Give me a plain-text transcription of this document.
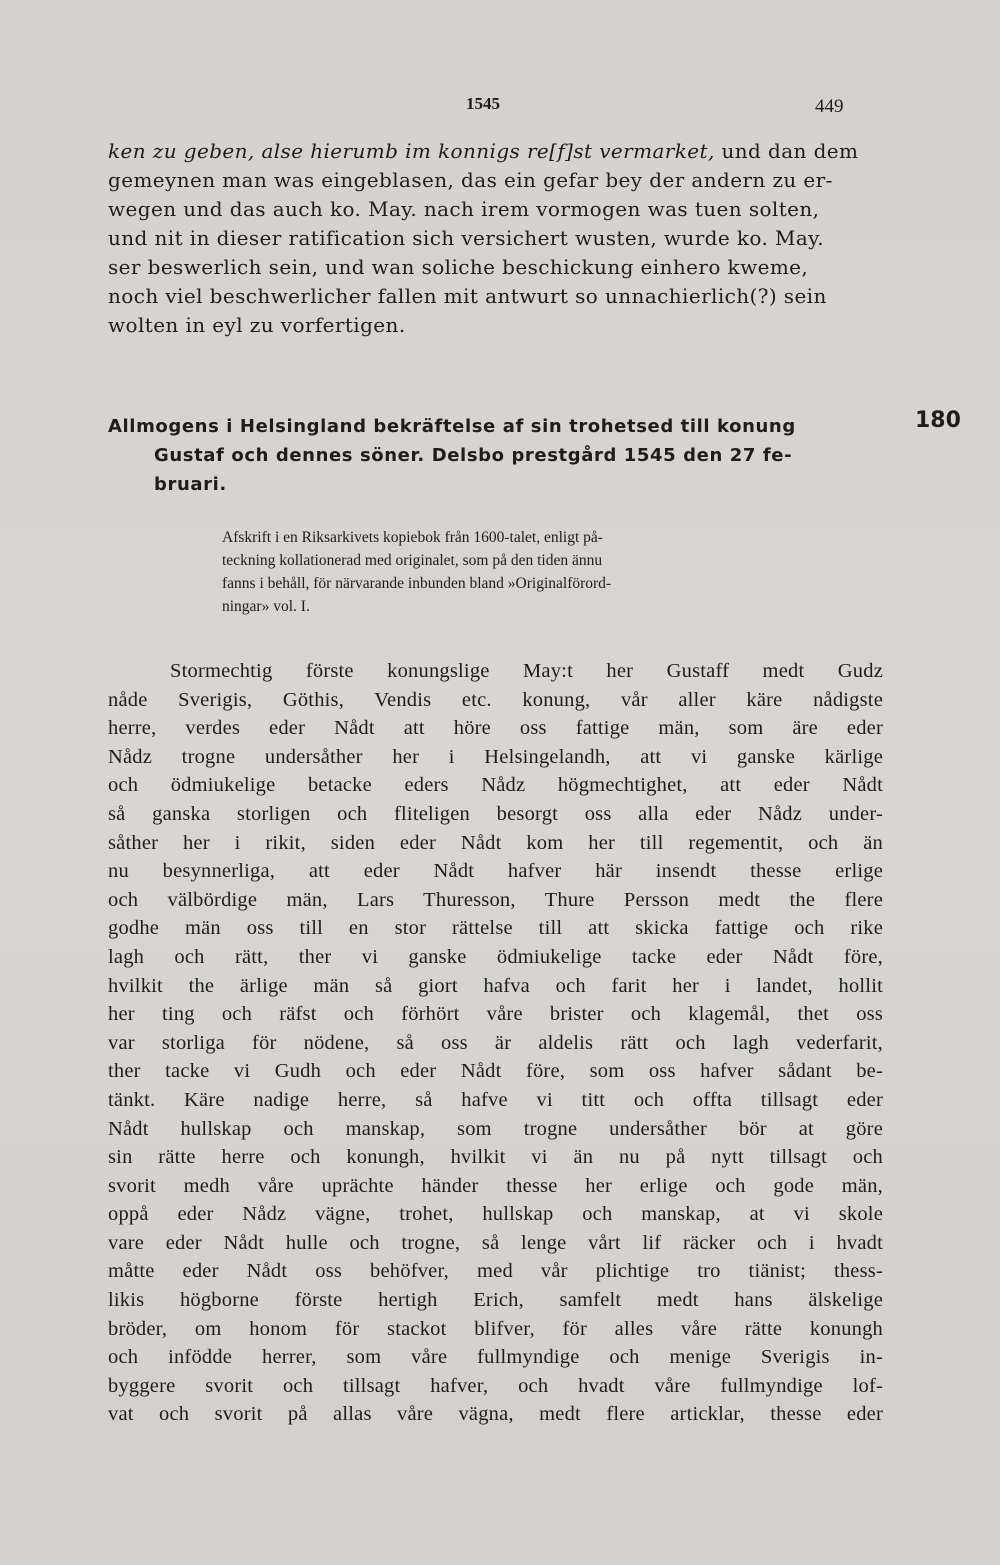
1545	449
ken zu geben, alse hierumb im konnigs re[f]st vermarket, und dan dem
gemeynen man was eingeblasen, das ein gefar bey der andern zu er-
wegen und das auch ko. May. nach irem vormogen was tuen solten,
und nit in dieser ratification sich versichert wusten, wurde ko. May.
ser beswerlich sein, und wan soliche beschickung einhero kweme,
noch viel beschwerlicher fallen mit antwurt so unnachierlich(?) sein
wolten in eyl zu vorfertigen.
Allmogens i Helsingland bekräftelse af sin trohetsed till konung
Gustaf och dennes söner. Delsbo prestgård 1545 den 27 fe-
bruari.
180
Afskrift i en Riksarkivets kopiebok från 1600-talet, enligt på-
teckning kollationerad med originalet, som på den tiden ännu
fanns i behåll, för närvarande inbunden bland »Originalförord-
ningar» vol. I.
Stormechtig förste konungslige May:t her Gustaff medt Gudz
nåde Sverigis, Göthis, Vendis etc. konung, vår aller käre nådigste
herre, verdes eder Nådt att höre oss fattige män, som äre eder
Nådz trogne undersåther her i Helsingelandh, att vi ganske kärlige
och ödmiukelige betacke eders Nådz högmechtighet, att eder Nådt
så ganska storligen och fliteligen besorgt oss alla eder Nådz under-
såther her i rikit, siden eder Nådt kom her till regementit, och än
nu besynnerliga, att eder Nådt hafver här insendt thesse erlige
och välbördige män, Lars Thuresson, Thure Persson medt the flere
godhe män oss till en stor rättelse till att skicka fattige och rike
lagh och rätt, ther vi ganske ödmiukelige tacke eder Nådt före,
hvilkit the ärlige män så giort hafva och farit her i landet, hollit
her ting och räfst och förhört våre brister och klagemål, thet oss
var storliga för nödene, så oss är aldelis rätt och lagh vederfarit,
ther tacke vi Gudh och eder Nådt före, som oss hafver sådant be-
tänkt. Käre nadige herre, så hafve vi titt och offta tillsagt eder
Nådt hullskap och manskap, som trogne undersåther bör at göre
sin rätte herre och konungh, hvilkit vi än nu på nytt tillsagt och
svorit medh våre uprächte händer thesse her erlige och gode män,
oppå eder Nådz vägne, trohet, hullskap och manskap, at vi skole
vare eder Nådt hulle och trogne, så lenge vårt lif räcker och i hvadt
måtte eder Nådt oss behöfver, med vår plichtige tro tiänist; thess-
likis högborne förste hertigh Erich, samfelt medt hans älskelige
bröder, om honom för stackot blifver, för alles våre rätte konungh
och infödde herrer, som våre fullmyndige och menige Sverigis in-
byggere svorit och tillsagt hafver, och hvadt våre fullmyndige lof-
vat och svorit på allas våre vägna, medt flere articklar, thesse eder
